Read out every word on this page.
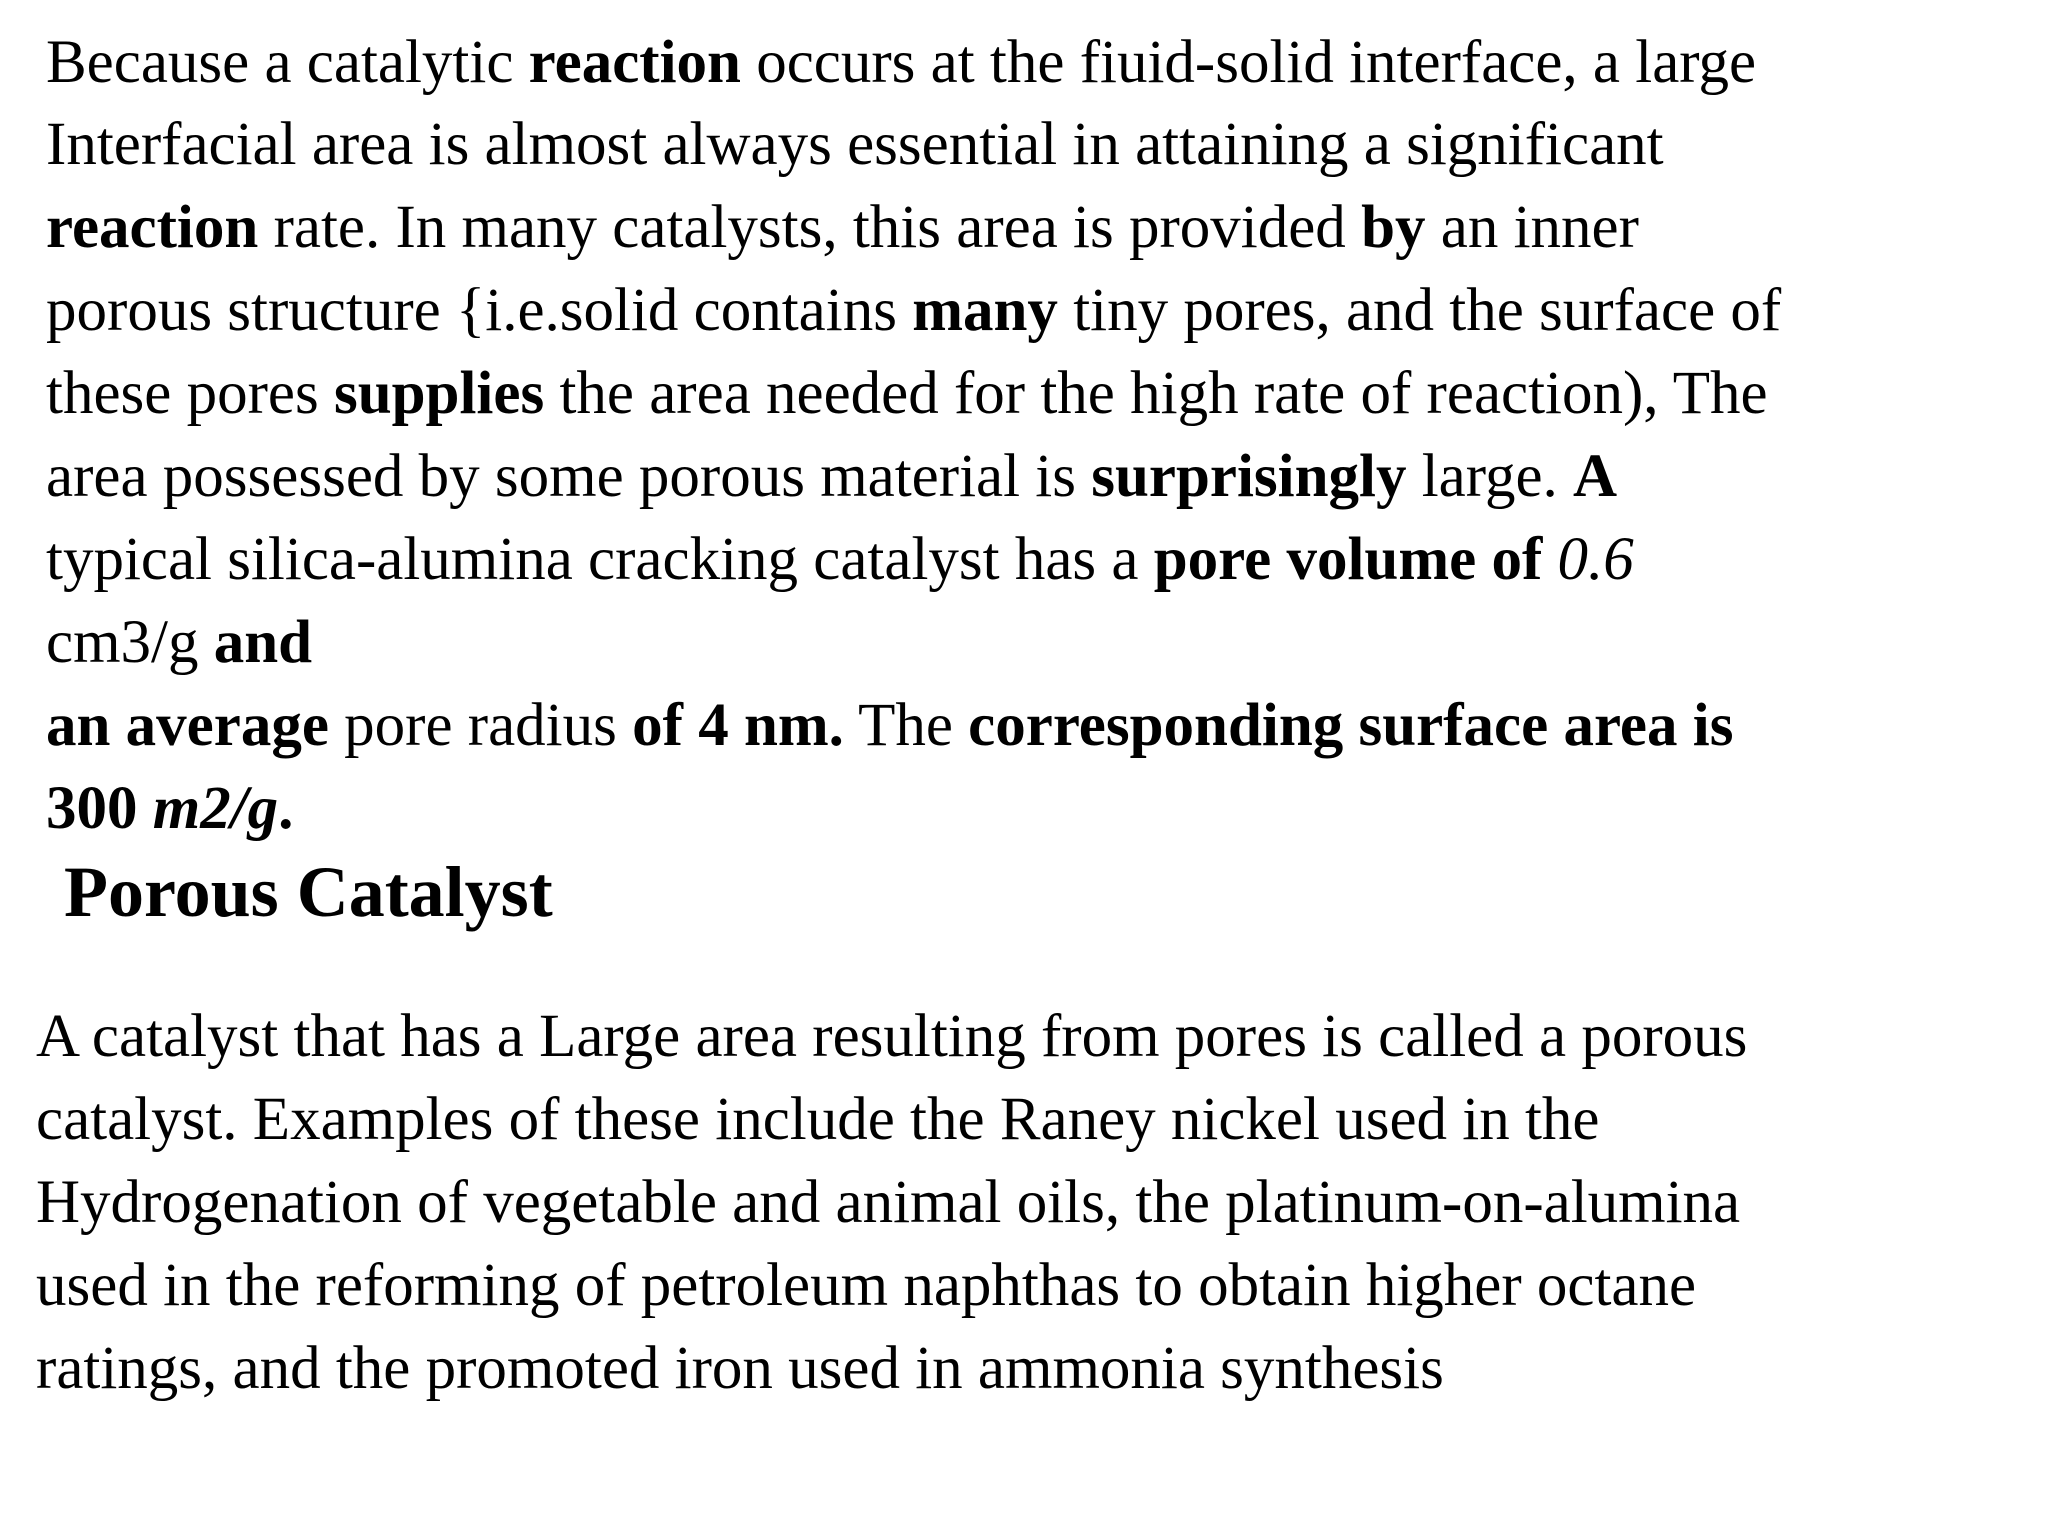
Because a catalytic reaction occurs at the fiuid-solid interface, a large
Interfacial area is almost always essential in attaining a significant
reaction rate. In many catalysts, this area is provided by an inner
porous structure {i.e.solid contains many tiny pores, and the surface of
these pores supplies the area needed for the high rate of reaction), The
area possessed by some porous material is surprisingly large. A
typical silica-alumina cracking catalyst has a pore volume of 0.6
cm3/g and
an average pore radius of 4 nm. The corresponding surface area is
300 m2/g.
Porous Catalyst
A catalyst that has a Large area resulting from pores is called a porous
catalyst. Examples of these include the Raney nickel used in the
Hydrogenation of vegetable and animal oils, the platinum-on-alumina
used in the reforming of petroleum naphthas to obtain higher octane
ratings, and the promoted iron used in ammonia synthesis
